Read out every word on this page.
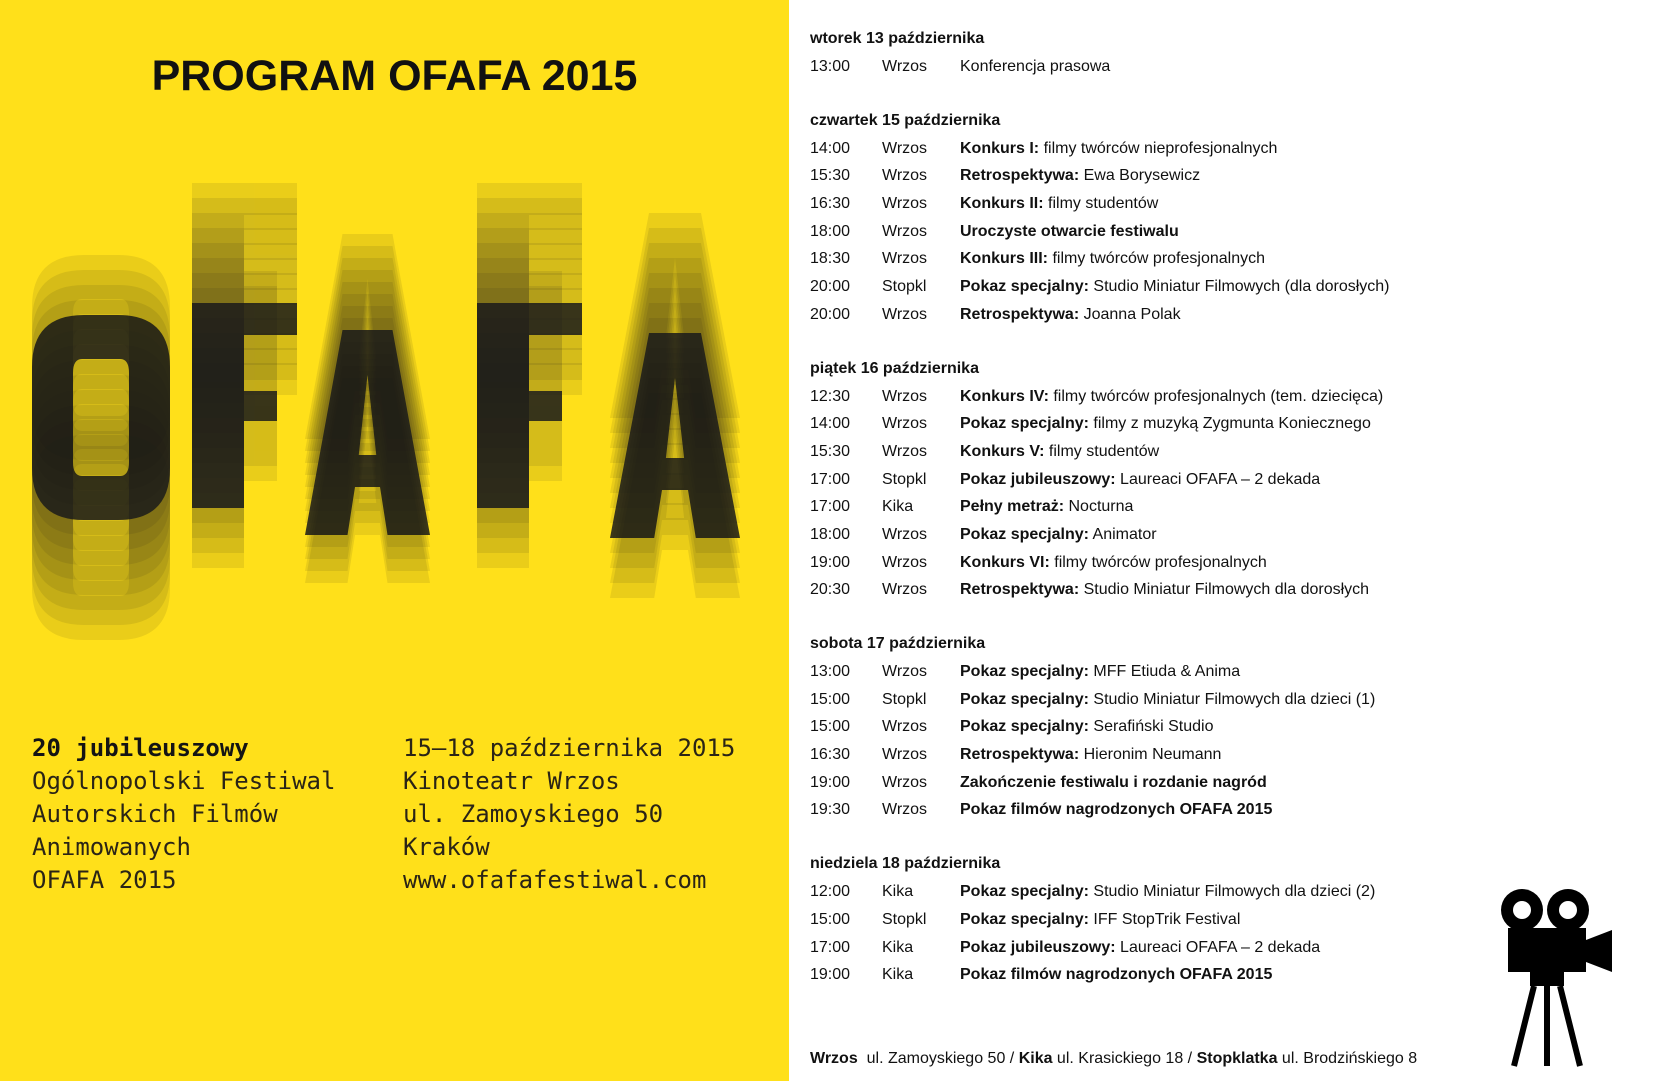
PROGRAM OFAFA 2015
20 jubileuszowy
Ogólnopolski Festiwal
Autorskich Filmów
Animowanych
OFAFA 2015
15–18 października 2015
Kinoteatr Wrzos
ul. Zamoyskiego 50
Kraków
www.ofafafestiwal.com
wtorek 13 października
13:00 Wrzos Konferencja prasowa
czwartek 15 października
14:00 Wrzos Konkurs I: filmy twórców nieprofesjonalnych
15:30 Wrzos Retrospektywa: Ewa Borysewicz
16:30 Wrzos Konkurs II: filmy studentów
18:00 Wrzos Uroczyste otwarcie festiwalu
18:30 Wrzos Konkurs III: filmy twórców profesjonalnych
20:00 Stopkl Pokaz specjalny: Studio Miniatur Filmowych (dla dorosłych)
20:00 Wrzos Retrospektywa: Joanna Polak
piątek 16 października
12:30 Wrzos Konkurs IV: filmy twórców profesjonalnych (tem. dziecięca)
14:00 Wrzos Pokaz specjalny: filmy z muzyką Zygmunta Koniecznego
15:30 Wrzos Konkurs V: filmy studentów
17:00 Stopkl Pokaz jubileuszowy: Laureaci OFAFA – 2 dekada
17:00 Kika	Pełny metraż: Nocturna
18:00 Wrzos Pokaz specjalny: Animator
19:00 Wrzos Konkurs VI: filmy twórców profesjonalnych
20:30 Wrzos Retrospektywa: Studio Miniatur Filmowych dla dorosłych
sobota 17 października
13:00 Wrzos Pokaz specjalny: MFF Etiuda & Anima
15:00 Stopkl Pokaz specjalny: Studio Miniatur Filmowych dla dzieci (1)
15:00 Wrzos Pokaz specjalny: Serafiński Studio
16:30 Wrzos Retrospektywa: Hieronim Neumann
19:00 Wrzos Zakończenie festiwalu i rozdanie nagród
19:30 Wrzos Pokaz filmów nagrodzonych OFAFA 2015
niedziela 18 października
12:00 Kika	Pokaz specjalny: Studio Miniatur Filmowych dla dzieci (2)
15:00 Stopkl Pokaz specjalny: IFF StopTrik Festival
17:00 Kika	Pokaz jubileuszowy: Laureaci OFAFA – 2 dekada
19:00 Kika	Pokaz filmów nagrodzonych OFAFA 2015
Wrzos  ul. Zamoyskiego 50 / Kika ul. Krasickiego 18 / Stopklatka ul. Brodzińskiego 8
